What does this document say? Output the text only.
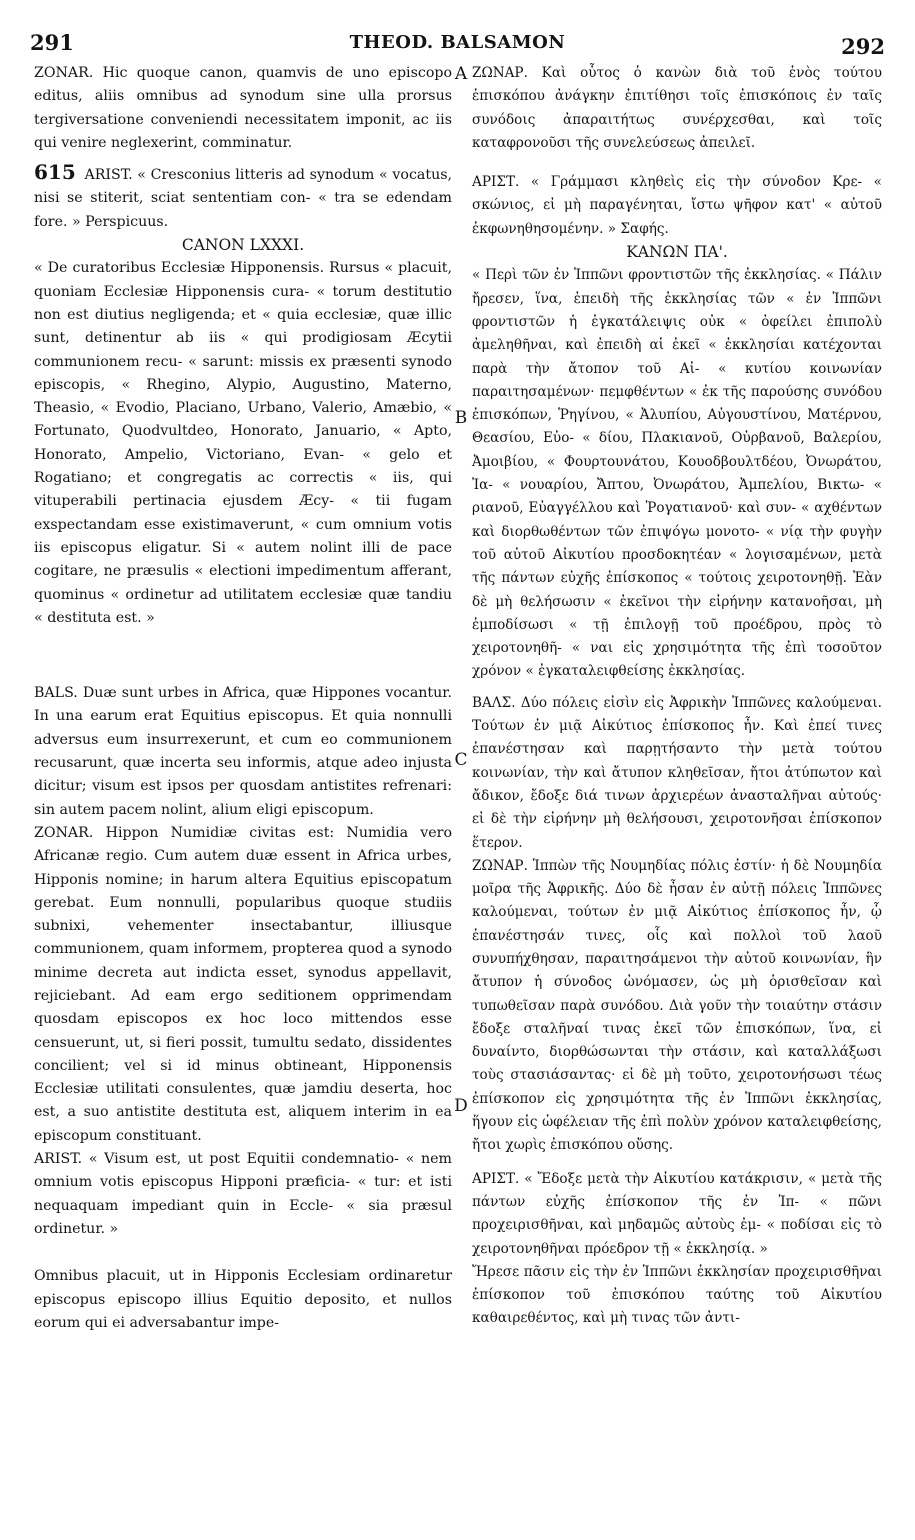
291	THEOD. BALSAMON	292
A
B
C
D

ZONAR. Hic quoque canon, quamvis de uno episcopo editus, aliis omnibus ad synodum sine ulla prorsus tergiversatione conveniendi necessitatem imponit, ac iis qui venire neglexerint, comminatur.

615 ARIST. « Cresconius litteris ad synodum « vocatus, nisi se stiterit, sciat sententiam con- « tra se edendam fore. » Perspicuus.

CANON LXXXI.

« De curatoribus Ecclesiæ Hipponensis. Rursus « placuit, quoniam Ecclesiæ Hipponensis cura- « torum destitutio non est diutius negligenda; et « quia ecclesiæ, quæ illic sunt, detinentur ab iis « qui prodigiosam Æcytii communionem recu- « sarunt: missis ex præsenti synodo episcopis, « Rhegino, Alypio, Augustino, Materno, Theasio, « Evodio, Placiano, Urbano, Valerio, Amæbio, « Fortunato, Quodvultdeo, Honorato, Januario, « Apto, Honorato, Ampelio, Victoriano, Evan- « gelo et Rogatiano; et congregatis ac correctis « iis, qui vituperabili pertinacia ejusdem Æcy- « tii fugam exspectandam esse existimaverunt, « cum omnium votis iis episcopus eligatur. Si « autem nolint illi de pace cogitare, ne præsulis « electioni impedimentum afferant, quominus « ordinetur ad utilitatem ecclesiæ quæ tandiu « destituta est. »

BALS. Duæ sunt urbes in Africa, quæ Hippones vocantur. In una earum erat Equitius episcopus. Et quia nonnulli adversus eum insurrexerunt, et cum eo communionem recusarunt, quæ incerta seu informis, atque adeo injusta dicitur; visum est ipsos per quosdam antistites refrenari: sin autem pacem nolint, alium eligi episcopum.

ZONAR. Hippon Numidiæ civitas est: Numidia vero Africanæ regio. Cum autem duæ essent in Africa urbes, Hipponis nomine; in harum altera Equitius episcopatum gerebat. Eum nonnulli, popularibus quoque studiis subnixi, vehementer insectabantur, illiusque communionem, quam informem, propterea quod a synodo minime decreta aut indicta esset, synodus appellavit, rejiciebant. Ad eam ergo seditionem opprimendam quosdam episcopos ex hoc loco mittendos esse censuerunt, ut, si fieri possit, tumultu sedato, dissidentes concilient; vel si id minus obtineant, Hipponensis Ecclesiæ utilitati consulentes, quæ jamdiu deserta, hoc est, a suo antistite destituta est, aliquem interim in ea episcopum constituant.

ARIST. « Visum est, ut post Equitii condemnatio- « nem omnium votis episcopus Hipponi præficia- « tur: et isti nequaquam impediant quin in Eccle- « sia præsul ordinetur. »

Omnibus placuit, ut in Hipponis Ecclesiam ordinaretur episcopus episcopo illius Equitio deposito, et nullos eorum qui ei adversabantur impe-

ΖΩΝΑΡ. Καὶ οὗτος ὁ κανὼν διὰ τοῦ ἑνὸς τούτου ἐπισκόπου ἀνάγκην ἐπιτίθησι τοῖς ἐπισκόποις ἐν ταῖς συνόδοις ἀπαραιτήτως συνέρχεσθαι, καὶ τοῖς καταφρονοῦσι τῆς συνελεύσεως ἀπειλεῖ.

ΑΡΙΣΤ. « Γράμμασι κληθεὶς εἰς τὴν σύνοδον Κρε- « σκώνιος, εἰ μὴ παραγένηται, ἴστω ψῆφον κατ' « αὐτοῦ ἐκφωνηθησομένην. » Σαφής.

ΚΑΝΩΝ ΠΑ'.

« Περὶ τῶν ἐν Ἱππῶνι φροντιστῶν τῆς ἐκκλησίας. « Πάλιν ἤρεσεν, ἵνα, ἐπειδὴ τῆς ἐκκλησίας τῶν « ἐν Ἱππῶνι φροντιστῶν ἡ ἐγκατάλειψις οὐκ « ὀφείλει ἐπιπολὺ ἀμεληθῆναι, καὶ ἐπειδὴ αἱ ἐκεῖ « ἐκκλησίαι κατέχονται παρὰ τὴν ἄτοπον τοῦ Αἰ- « κυτίου κοινωνίαν παραιτησαμένων· πεμφθέντων « ἐκ τῆς παρούσης συνόδου ἐπισκόπων, Ῥηγίνου, « Ἀλυπίου, Αὐγουστίνου, Ματέρνου, Θεασίου, Εὐο- « δίου, Πλακιανοῦ, Οὐρβανοῦ, Βαλερίου, Ἀμοιβίου, « Φουρτουνάτου, Κουοδβουλτδέου, Ὀνωράτου, Ἰα- « νουαρίου, Ἄπτου, Ὀνωράτου, Ἀμπελίου, Βικτω- « ριανοῦ, Εὐαγγέλλου καὶ Ῥογατιανοῦ· καὶ συν- « αχθέντων καὶ διορθωθέντων τῶν ἐπιψόγω μονοτο- « νίᾳ τὴν φυγὴν τοῦ αὐτοῦ Αἰκυτίου προσδοκητέαν « λογισαμένων, μετὰ τῆς πάντων εὐχῆς ἐπίσκοπος « τούτοις χειροτονηθῇ. Ἐὰν δὲ μὴ θελήσωσιν « ἐκεῖνοι τὴν εἰρήνην κατανοῆσαι, μὴ ἐμποδίσωσι « τῇ ἐπιλογῇ τοῦ προέδρου, πρὸς τὸ χειροτονηθῆ- « ναι εἰς χρησιμότητα τῆς ἐπὶ τοσοῦτον χρόνον « ἐγκαταλειφθείσης ἐκκλησίας.

ΒΑΛΣ. Δύο πόλεις εἰσὶν εἰς Ἀφρικὴν Ἱππῶνες καλούμεναι. Τούτων ἐν μιᾷ Αἰκύτιος ἐπίσκοπος ἦν. Καὶ ἐπεί τινες ἐπανέστησαν καὶ παρῃτήσαντο τὴν μετὰ τούτου κοινωνίαν, τὴν καὶ ἄτυπον κληθεῖσαν, ἤτοι ἀτύπωτον καὶ ἄδικον, ἔδοξε διά τινων ἀρχιερέων ἀνασταλῆναι αὐτούς· εἰ δὲ τὴν εἰρήνην μὴ θελήσουσι, χειροτονῆσαι ἐπίσκοπον ἕτερον.

ΖΩΝΑΡ. Ἱππὼν τῆς Νουμηδίας πόλις ἐστίν· ἡ δὲ Νουμηδία μοῖρα τῆς Ἀφρικῆς. Δύο δὲ ἦσαν ἐν αὐτῇ πόλεις Ἱππῶνες καλούμεναι, τούτων ἐν μιᾷ Αἰκύτιος ἐπίσκοπος ἦν, ᾧ ἐπανέστησάν τινες, οἷς καὶ πολλοὶ τοῦ λαοῦ συνυπήχθησαν, παραιτησάμενοι τὴν αὐτοῦ κοινωνίαν, ἣν ἄτυπον ἡ σύνοδος ὠνόμασεν, ὡς μὴ ὁρισθεῖσαν καὶ τυπωθεῖσαν παρὰ συνόδου. Διὰ γοῦν τὴν τοιαύτην στάσιν ἔδοξε σταλῆναί τινας ἐκεῖ τῶν ἐπισκόπων, ἵνα, εἰ δυναίντο, διορθώσωνται τὴν στάσιν, καὶ καταλλάξωσι τοὺς στασιάσαντας· εἰ δὲ μὴ τοῦτο, χειροτονήσωσι τέως ἐπίσκοπον εἰς χρησιμότητα τῆς ἐν Ἱππῶνι ἐκκλησίας, ἥγουν εἰς ὠφέλειαν τῆς ἐπὶ πολὺν χρόνον καταλειφθείσης, ἤτοι χωρὶς ἐπισκόπου οὔσης.

ΑΡΙΣΤ. « Ἔδοξε μετὰ τὴν Αἰκυτίου κατάκρισιν, « μετὰ τῆς πάντων εὐχῆς ἐπίσκοπον τῆς ἐν Ἱπ- « πῶνι προχειρισθῆναι, καὶ μηδαμῶς αὐτοὺς ἐμ- « ποδίσαι εἰς τὸ χειροτονηθῆναι πρόεδρον τῇ « ἐκκλησίᾳ. »

Ἤρεσε πᾶσιν εἰς τὴν ἐν Ἱππῶνι ἐκκλησίαν προχειρισθῆναι ἐπίσκοπον τοῦ ἐπισκόπου ταύτης τοῦ Αἰκυτίου καθαιρεθέντος, καὶ μὴ τινας τῶν ἀντι-
